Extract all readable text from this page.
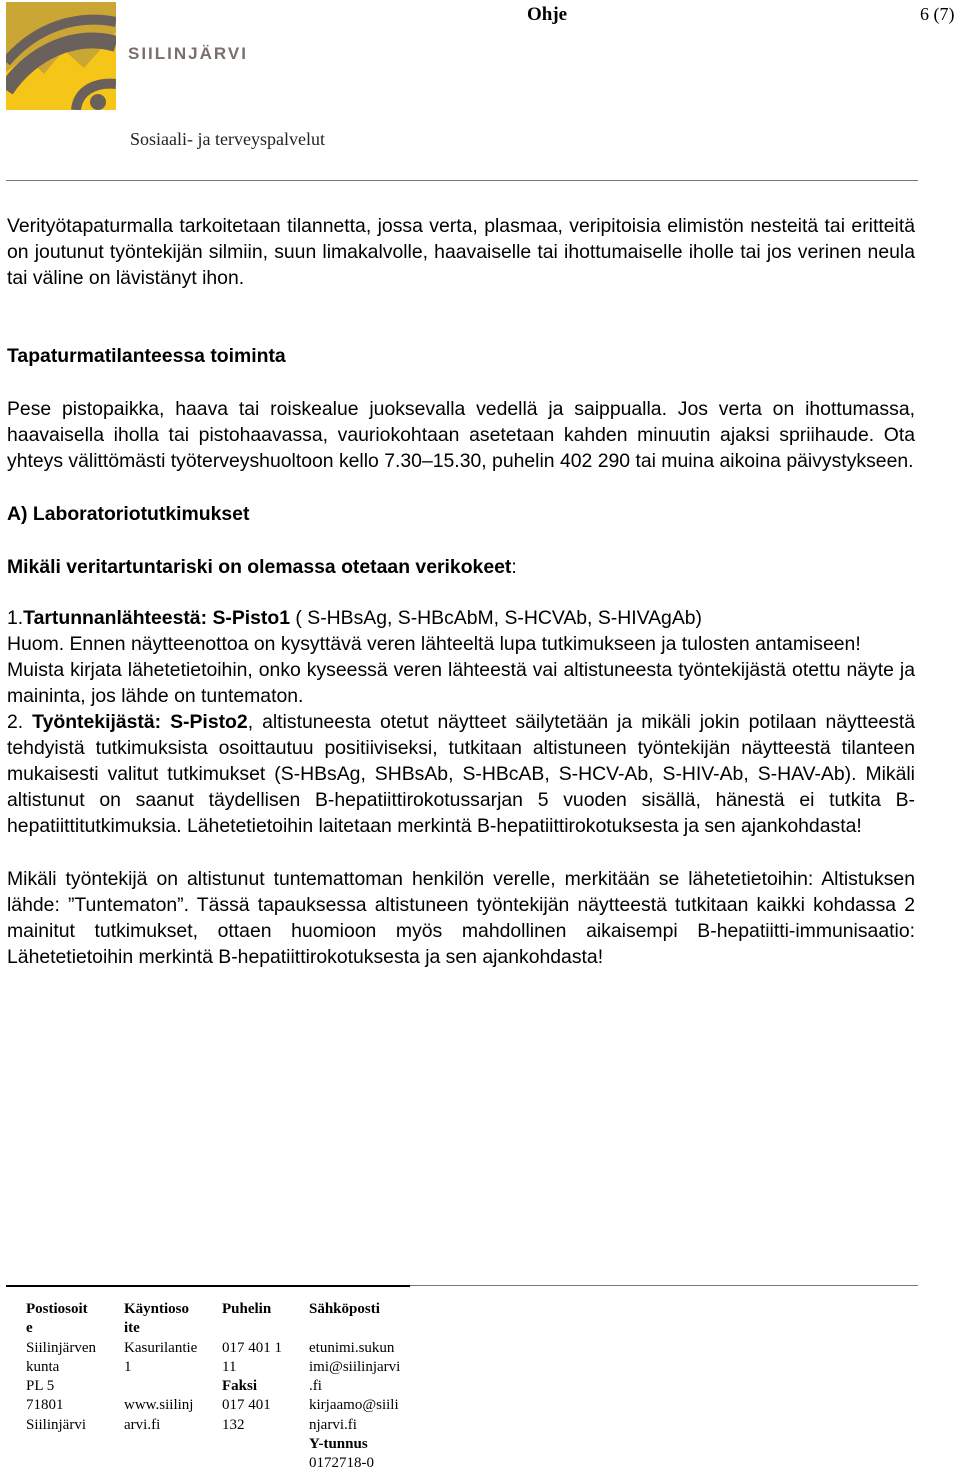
SIILINJÄRVI
Ohje	6 (7)
Sosiaali- ja terveyspalvelut

Verityötapaturmalla tarkoitetaan tilannetta, jossa verta, plasmaa, veripitoisia elimistön nesteitä tai eritteitä on joutunut työntekijän silmiin, suun limakalvolle, haavaiselle tai ihottumaiselle iholle tai jos verinen neula tai väline on lävistänyt ihon.

Tapaturmatilanteessa toiminta

Pese pistopaikka, haava tai roiskealue juoksevalla vedellä ja saippualla. Jos verta on ihottumassa, haavaisella iholla tai pistohaavassa, vauriokohtaan asetetaan kahden minuutin ajaksi spriihaude. Ota yhteys välittömästi työterveyshuoltoon kello 7.30–15.30, puhelin 402 290 tai muina aikoina päivystykseen.

A) Laboratoriotutkimukset

Mikäli veritartuntariski on olemassa otetaan verikokeet:

1.Tartunnanlähteestä: S-Pisto1 ( S-HBsAg, S-HBcAbM, S-HCVAb, S-HIVAgAb)

Huom. Ennen näytteenottoa on kysyttävä veren lähteeltä lupa tutkimukseen ja tulosten antamiseen!

Muista kirjata lähetetietoihin, onko kyseessä veren lähteestä vai altistuneesta työntekijästä otettu näyte ja maininta, jos lähde on tuntematon.

2. Työntekijästä: S-Pisto2, altistuneesta otetut näytteet säilytetään ja mikäli jokin potilaan näytteestä tehdyistä tutkimuksista osoittautuu positiiviseksi, tutkitaan altistuneen työntekijän näytteestä tilanteen mukaisesti valitut tutkimukset (S-HBsAg, SHBsAb, S-HBcAB, S-HCV-Ab, S-HIV-Ab, S-HAV-Ab). Mikäli altistunut on saanut täydellisen B-hepatiittirokotussarjan 5 vuoden sisällä, hänestä ei tutkita B-hepatiittitutkimuksia. Lähetetietoihin laitetaan merkintä B-hepatiittirokotuksesta ja sen ajankohdasta!

Mikäli työntekijä on altistunut tuntemattoman henkilön verelle, merkitään se lähetetietoihin: Altistuksen lähde: ”Tuntematon”. Tässä tapauksessa altistuneen työntekijän näytteestä tutkitaan kaikki kohdassa 2 mainitut tutkimukset, ottaen huomioon myös mahdollinen aikaisempi B-hepatiitti-immunisaatio: Lähetetietoihin merkintä B-hepatiittirokotuksesta ja sen ajankohdasta!

Postiosoit
e
Siilinjärven
kunta
PL 5
71801
Siilinjärvi
Käyntioso
ite
Kasurilantie
1

www.siilinj
arvi.fi
Puhelin
017 401 1
11
Faksi
017 401
132
Sähköposti
etunimi.sukun
imi@siilinjarvi
.fi
kirjaamo@siili
njarvi.fi
Y-tunnus
0172718-0
